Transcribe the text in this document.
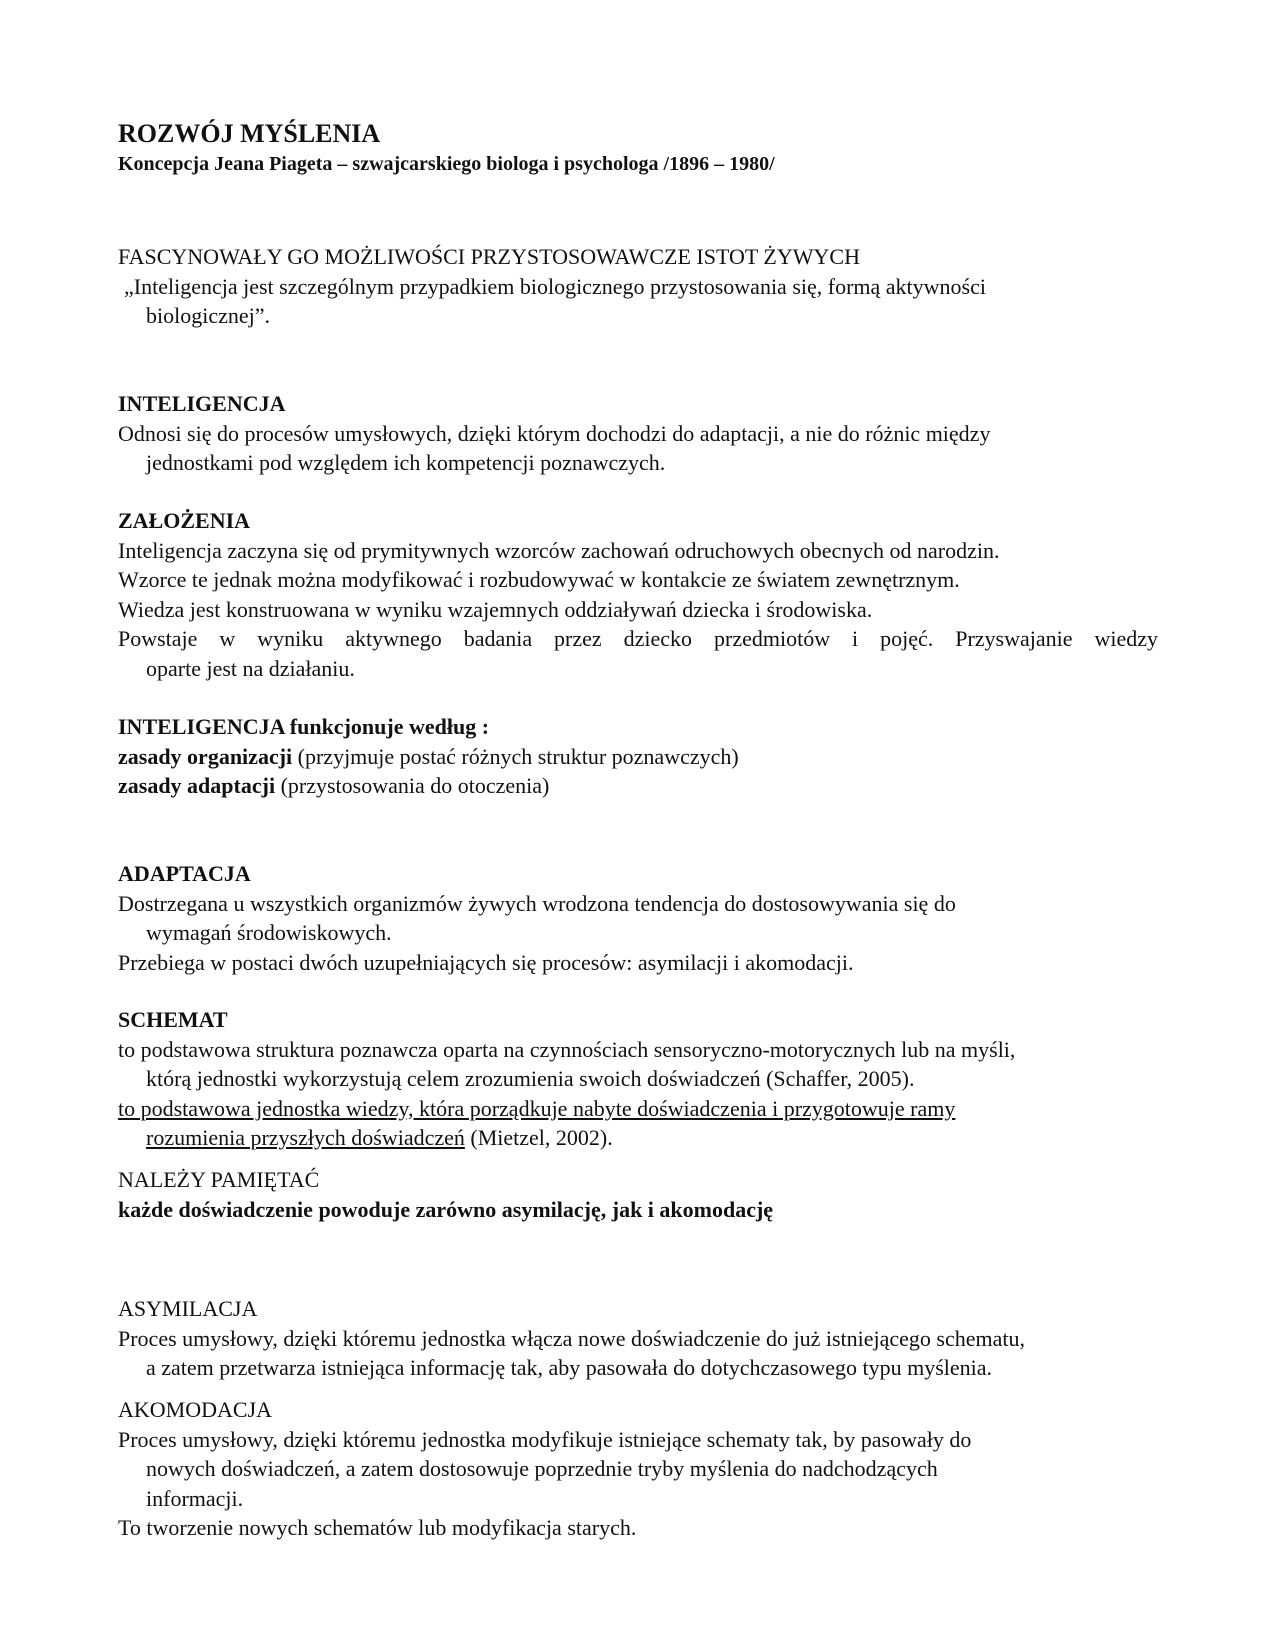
ROZWÓJ MYŚLENIA
Koncepcja Jeana Piageta – szwajcarskiego biologa i psychologa /1896 – 1980/
FASCYNOWAŁY GO MOŻLIWOŚCI PRZYSTOSOWAWCZE ISTOT ŻYWYCH
„Inteligencja jest szczególnym przypadkiem biologicznego przystosowania się, formą aktywności
biologicznej”.
INTELIGENCJA
Odnosi się do procesów umysłowych, dzięki którym dochodzi do adaptacji, a nie do różnic między
jednostkami pod względem ich kompetencji poznawczych.
ZAŁOŻENIA
Inteligencja zaczyna się od prymitywnych wzorców zachowań odruchowych obecnych od narodzin.
Wzorce te jednak można modyfikować i rozbudowywać w kontakcie ze światem zewnętrznym.
Wiedza jest konstruowana w wyniku wzajemnych oddziaływań dziecka i środowiska.
Powstaje w wyniku aktywnego badania przez dziecko przedmiotów i pojęć. Przyswajanie wiedzy
oparte jest na działaniu.
INTELIGENCJA funkcjonuje według :
zasady organizacji (przyjmuje postać różnych struktur poznawczych)
zasady adaptacji (przystosowania do otoczenia)
ADAPTACJA
Dostrzegana u wszystkich organizmów żywych wrodzona tendencja do dostosowywania się do
wymagań środowiskowych.
Przebiega w postaci dwóch uzupełniających się procesów: asymilacji i akomodacji.
SCHEMAT
to podstawowa struktura poznawcza oparta na czynnościach sensoryczno-motorycznych lub na myśli,
którą jednostki wykorzystują celem zrozumienia swoich doświadczeń (Schaffer, 2005).
to podstawowa jednostka wiedzy, która porządkuje nabyte doświadczenia i przygotowuje ramy
rozumienia przyszłych doświadczeń (Mietzel, 2002).
NALEŻY PAMIĘTAĆ
każde doświadczenie powoduje zarówno asymilację, jak i akomodację
ASYMILACJA
Proces umysłowy, dzięki któremu jednostka włącza nowe doświadczenie do już istniejącego schematu,
a zatem przetwarza istniejąca informację tak, aby pasowała do dotychczasowego typu myślenia.
AKOMODACJA
Proces umysłowy, dzięki któremu jednostka modyfikuje istniejące schematy tak, by pasowały do
nowych doświadczeń, a zatem dostosowuje poprzednie tryby myślenia do nadchodzących
informacji.
To tworzenie nowych schematów lub modyfikacja starych.
